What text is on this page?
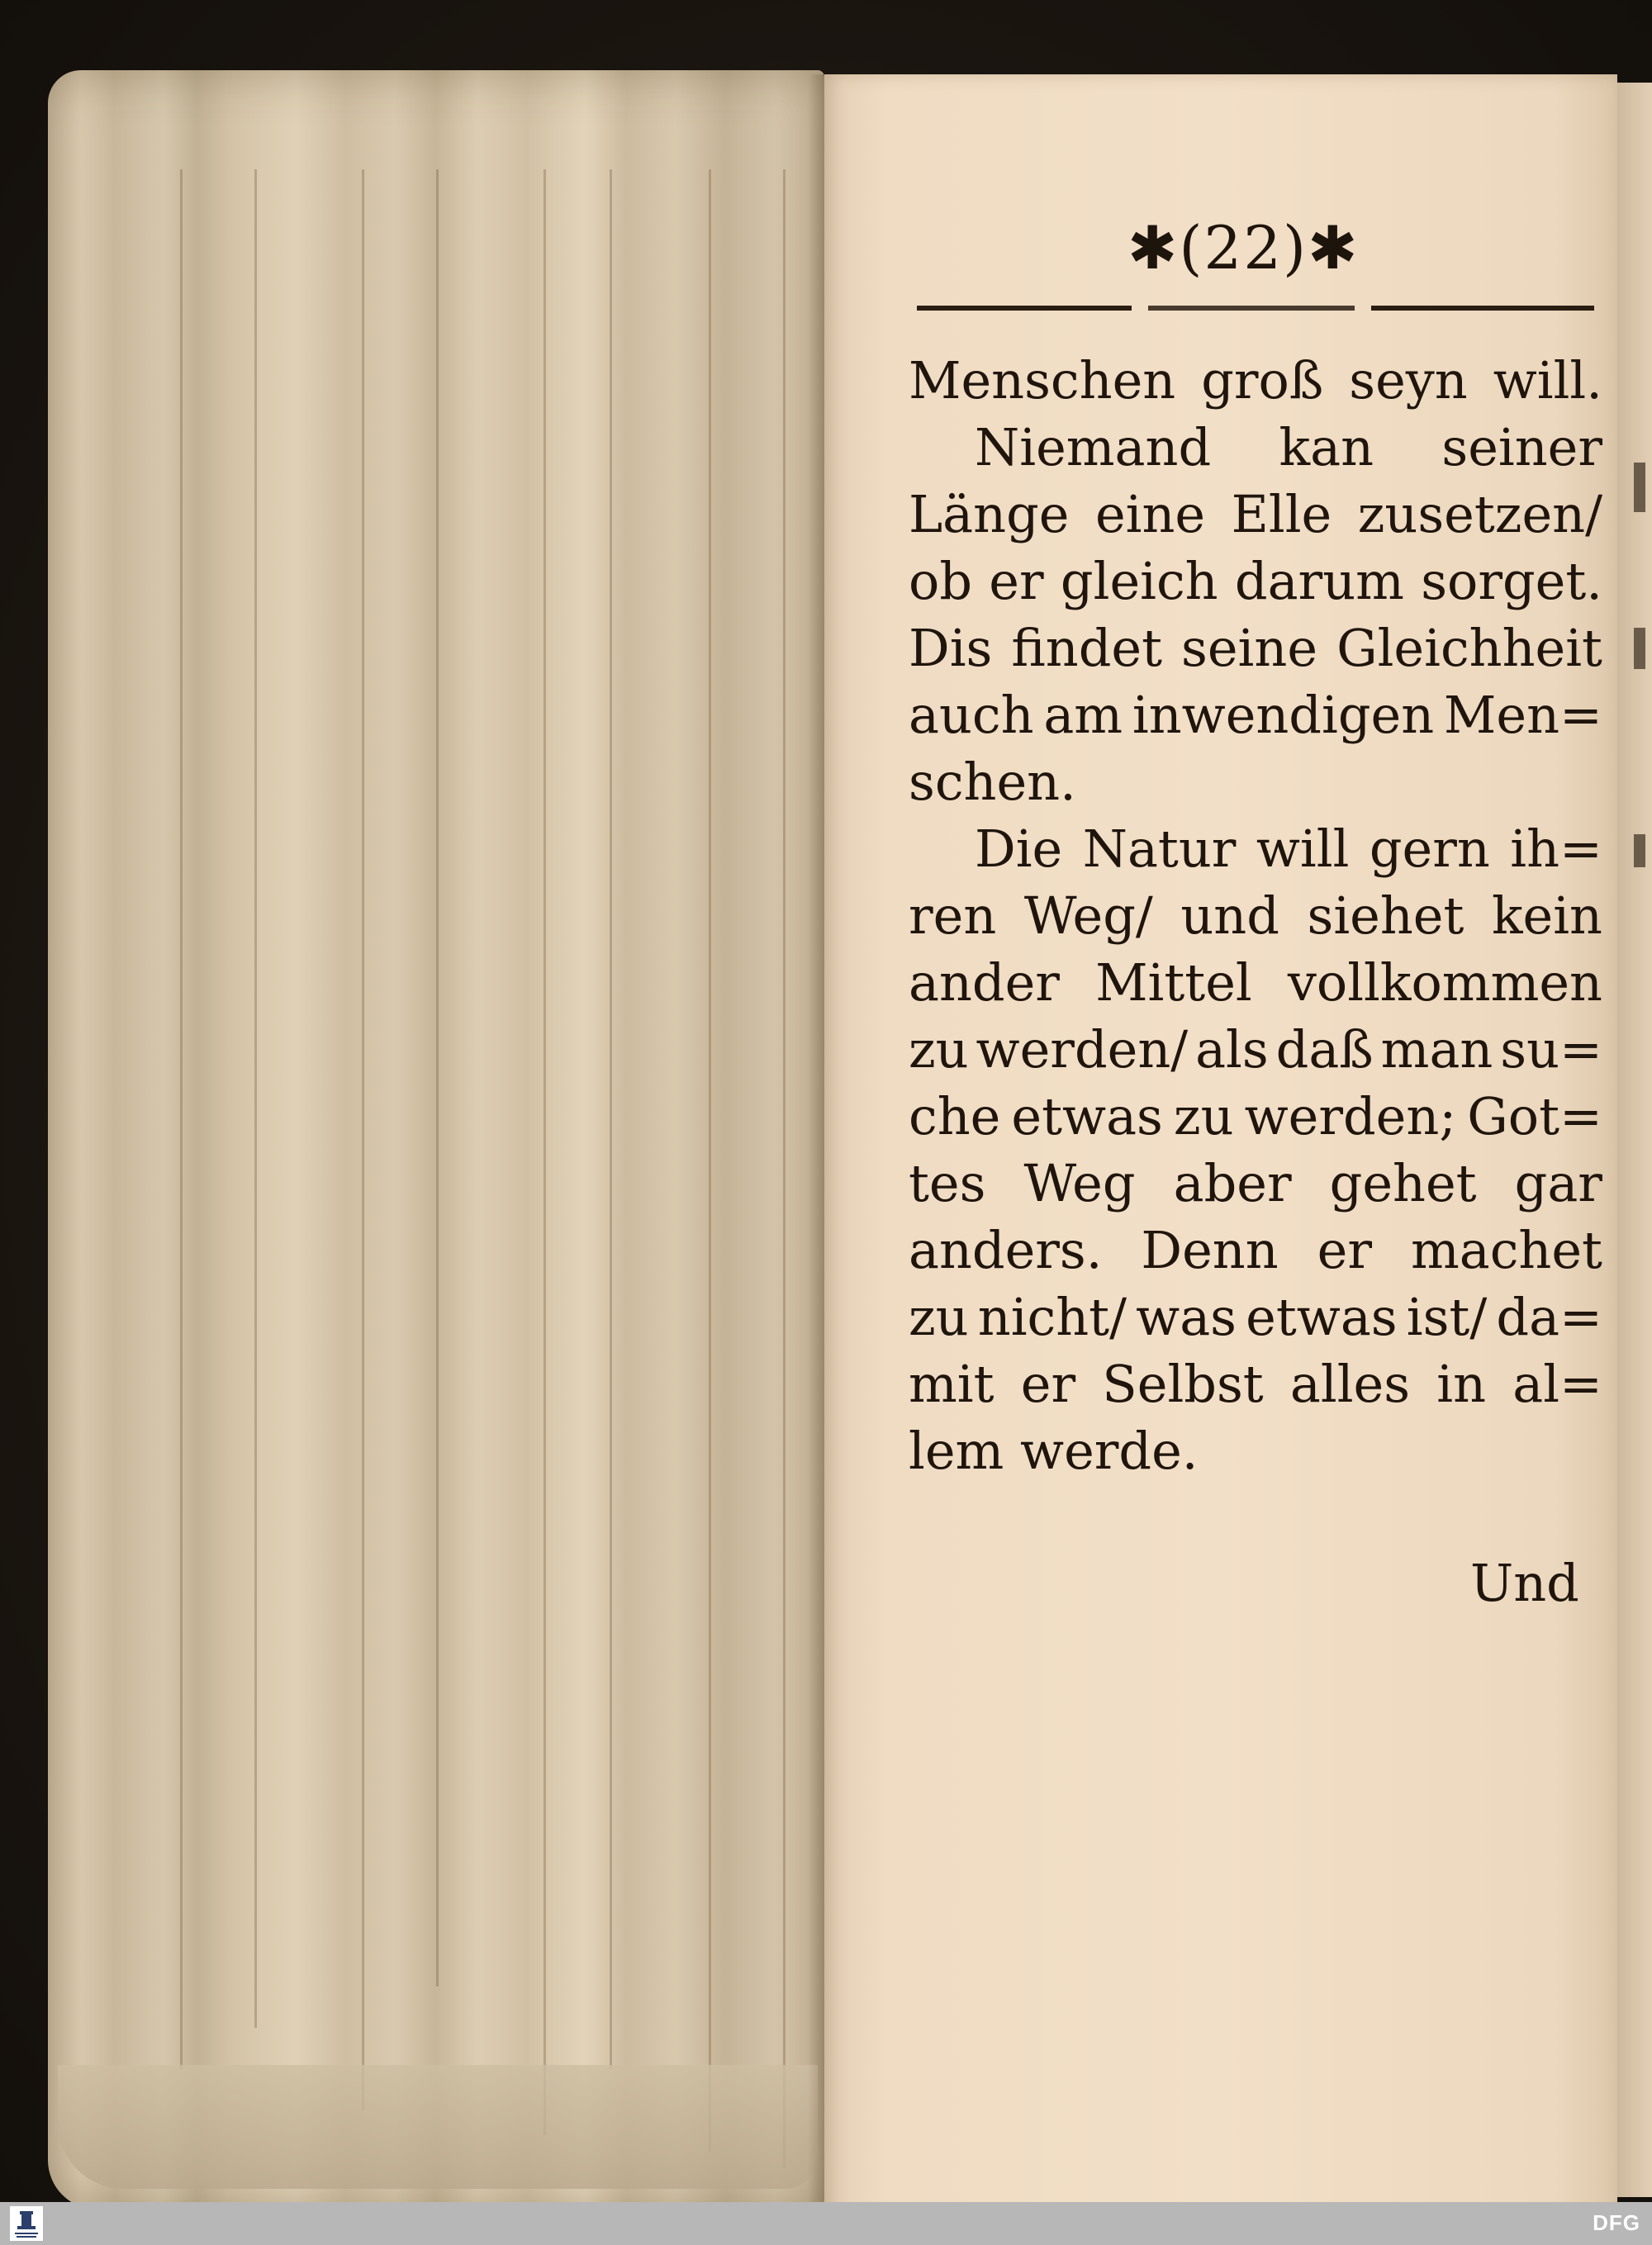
✱(22)✱
Menschen groß seyn will.
Niemand kan seiner
Länge eine Elle zusetzen/
ob er gleich darum sorget.
Dis findet seine Gleichheit
auch am inwendigen Men=
schen.
Die Natur will gern ih=
ren Weg/ und siehet kein
ander Mittel vollkommen
zu werden/ als daß man su=
che etwas zu werden; Got=
tes Weg aber gehet gar
anders. Denn er machet
zu nicht/ was etwas ist/ da=
mit er Selbst alles in al=
lem werde.
Und
DFG
